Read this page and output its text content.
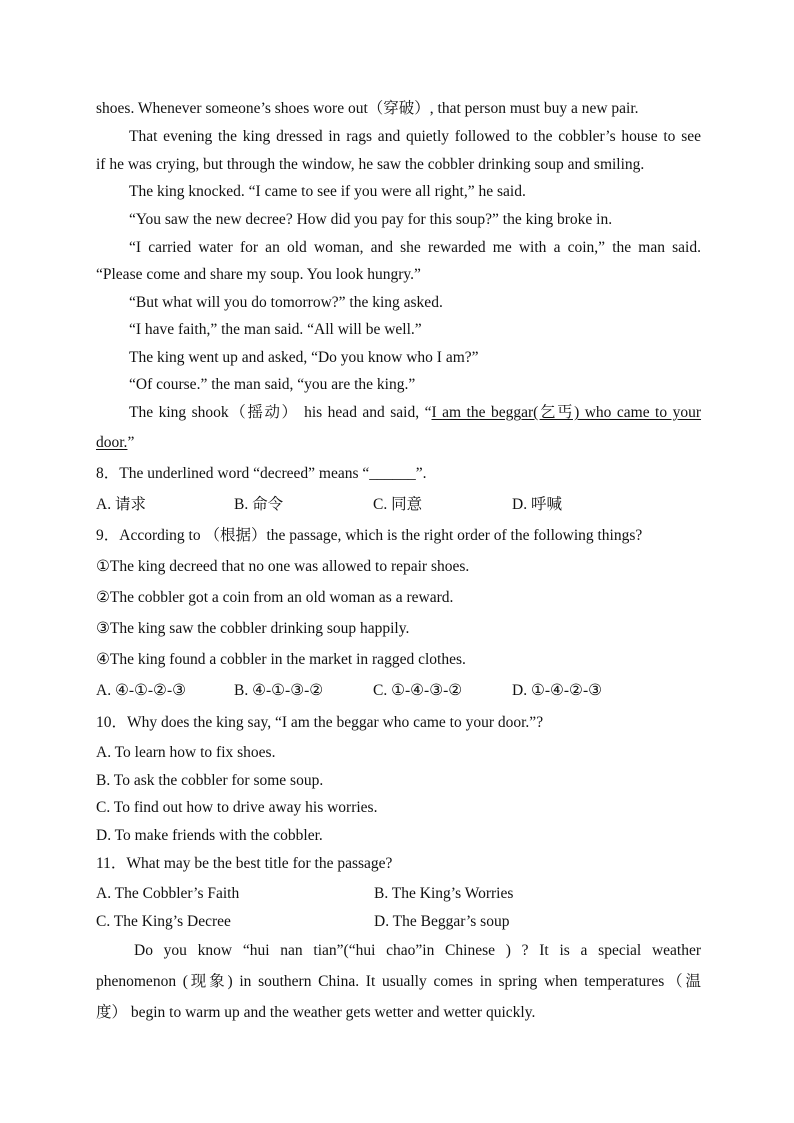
shoes. Whenever someone’s shoes wore out（穿破）, that person must buy a new pair.

That evening the king dressed in rags and quietly followed to the cobbler’s house to see

if he was crying, but through the window, he saw the cobbler drinking soup and smiling.

The king knocked. “I came to see if you were all right,” he said.

“You saw the new decree? How did you pay for this soup?” the king broke in.

“I carried water for an old woman, and she rewarded me with a coin,” the man said.

“Please come and share my soup. You look hungry.”

“But what will you do tomorrow?” the king asked.

“I have faith,” the man said. “All will be well.”

The king went up and asked, “Do you know who I am?”

“Of course.” the man said, “you are the king.”

The king shook（摇动） his head and said, “I am the beggar(乞丐) who came to your

door.”

8．The underlined word “decreed” means “______”.

A. 请求	B. 命令	C. 同意	D. 呼喊

9．According to （根据）the passage, which is the right order of the following things?

①The king decreed that no one was allowed to repair shoes.

②The cobbler got a coin from an old woman as a reward.

③The king saw the cobbler drinking soup happily.

④The king found a cobbler in the market in ragged clothes.

A. ④-①-②-③	B. ④-①-③-②	C. ①-④-③-②	D. ①-④-②-③

10．Why does the king say, “I am the beggar who came to your door.”?

A. To learn how to fix shoes.

B. To ask the cobbler for some soup.

C. To find out how to drive away his worries.

D. To make friends with the cobbler.

11．What may be the best title for the passage?

A. The Cobbler’s Faith	B. The King’s Worries
C. The King’s Decree	D. The Beggar’s soup

Do you know “hui nan tian”(“hui chao”in Chinese ) ? It is a special weather

phenomenon (现象) in southern China. It usually comes in spring when temperatures（温

度） begin to warm up and the weather gets wetter and wetter quickly.
